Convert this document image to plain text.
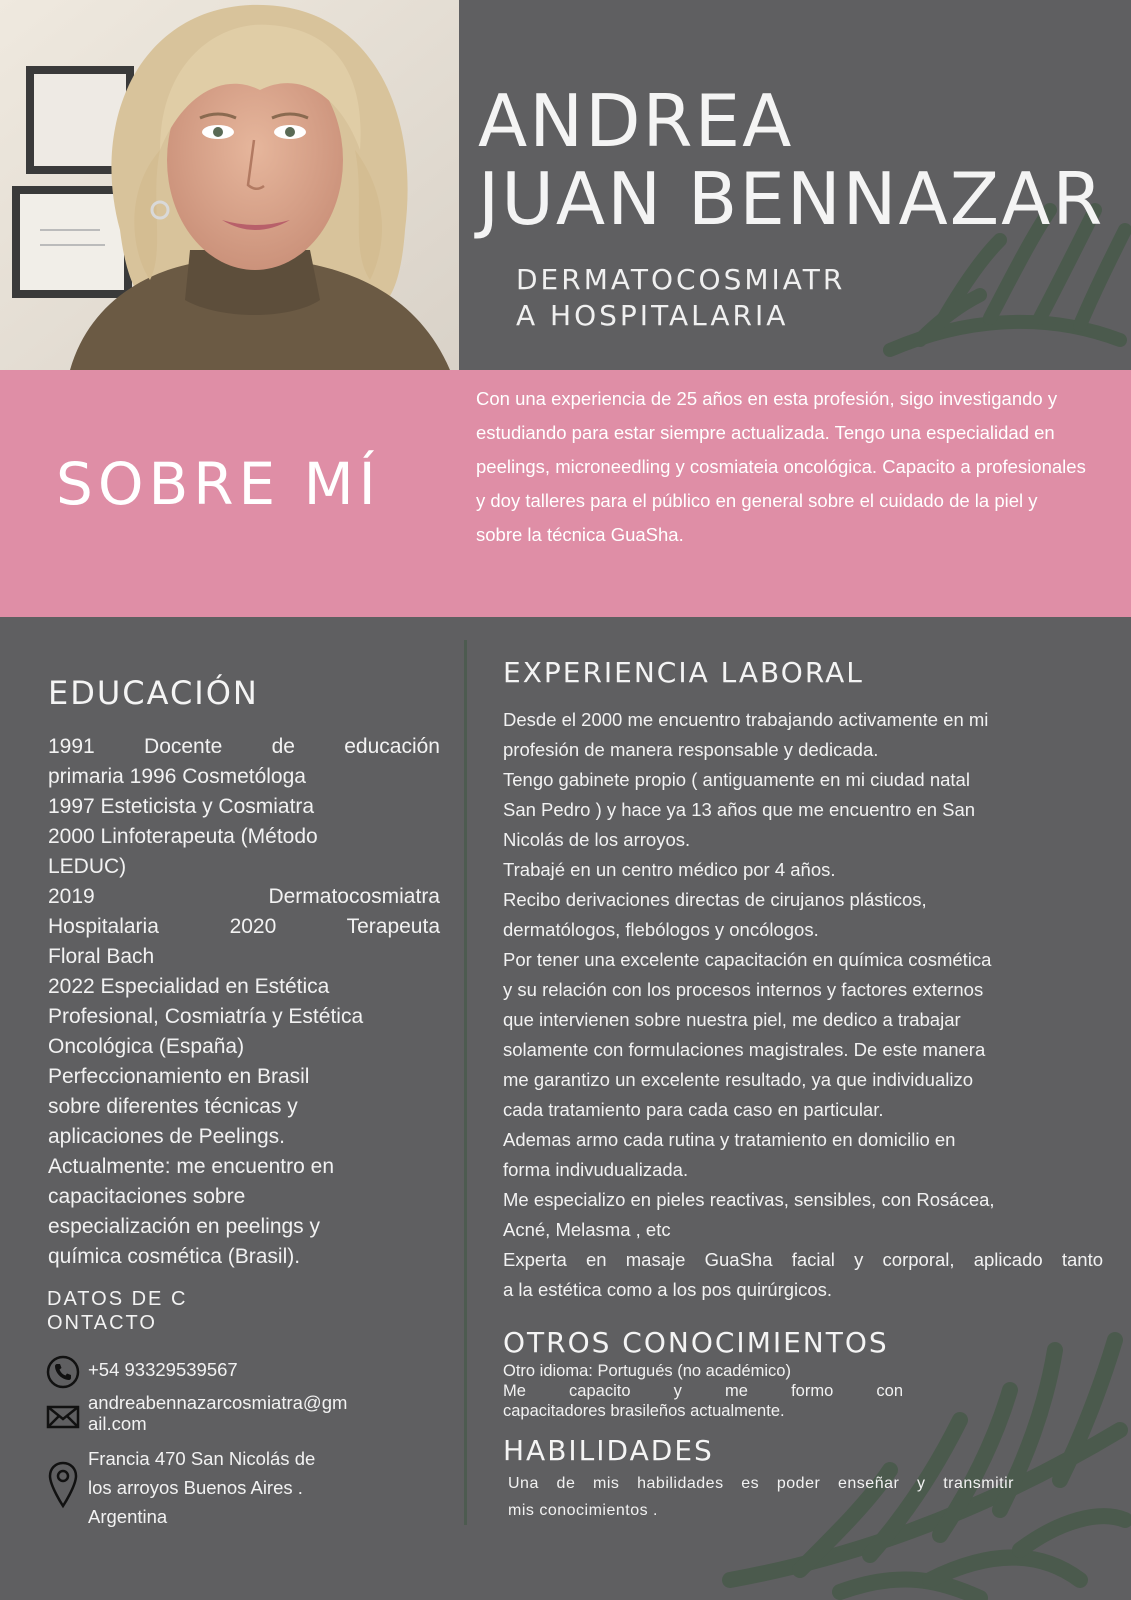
ANDREA
JUAN BENNAZAR
DERMATOCOSMIATR
A HOSPITALARIA
SOBRE MÍ

Con una experiencia de 25 años en esta profesión, sigo investigando y estudiando para estar siempre actualizada. Tengo una especialidad en peelings, microneedling y cosmiateia oncológica. Capacito a profesionales y doy talleres para el público en general sobre el cuidado de la piel y sobre la técnica GuaSha.

EDUCACIÓN

1991 Docente de educación
primaria 1996 Cosmetóloga
1997 Esteticista y Cosmiatra
2000 Linfoterapeuta (Método
LEDUC)
2019 Dermatocosmiatra
Hospitalaria 2020 Terapeuta
Floral Bach
2022 Especialidad en Estética
Profesional, Cosmiatría y Estética
Oncológica (España)
Perfeccionamiento en Brasil
sobre diferentes técnicas y
aplicaciones de Peelings.
Actualmente: me encuentro en
capacitaciones sobre
especialización en peelings y
química cosmética (Brasil).

DATOS DE CONTACTO
+54 93329539567
andreabennazarcosmiatra@gm
ail.com
Francia 470 San Nicolás de
los arroyos Buenos Aires .
Argentina
EXPERIENCIA LABORAL

Desde el 2000 me encuentro trabajando activamente en mi
profesión de manera responsable y dedicada.
Tengo gabinete propio ( antiguamente en mi ciudad natal
San Pedro ) y hace ya 13 años que me encuentro en San
Nicolás de los arroyos.
Trabajé en un centro médico por 4 años.
Recibo derivaciones directas de cirujanos plásticos,
dermatólogos, flebólogos y oncólogos.
Por tener una excelente capacitación en química cosmética
y su relación con los procesos internos y factores externos
que intervienen sobre nuestra piel, me dedico a trabajar
solamente con formulaciones magistrales. De este manera
me garantizo un excelente resultado, ya que individualizo
cada tratamiento para cada caso en particular.
Ademas armo cada rutina y tratamiento en domicilio en
forma indivudualizada.
Me especializo en pieles reactivas, sensibles, con Rosácea,
Acné, Melasma , etc
Experta en masaje GuaSha facial y corporal, aplicado tanto
a la estética como a los pos quirúrgicos.

OTROS CONOCIMIENTOS

Otro idioma: Portugués (no académico)
Me capacito y me formo con
capacitadores brasileños actualmente.

HABILIDADES

Una de mis habilidades es poder enseñar y transmitir
mis conocimientos .
